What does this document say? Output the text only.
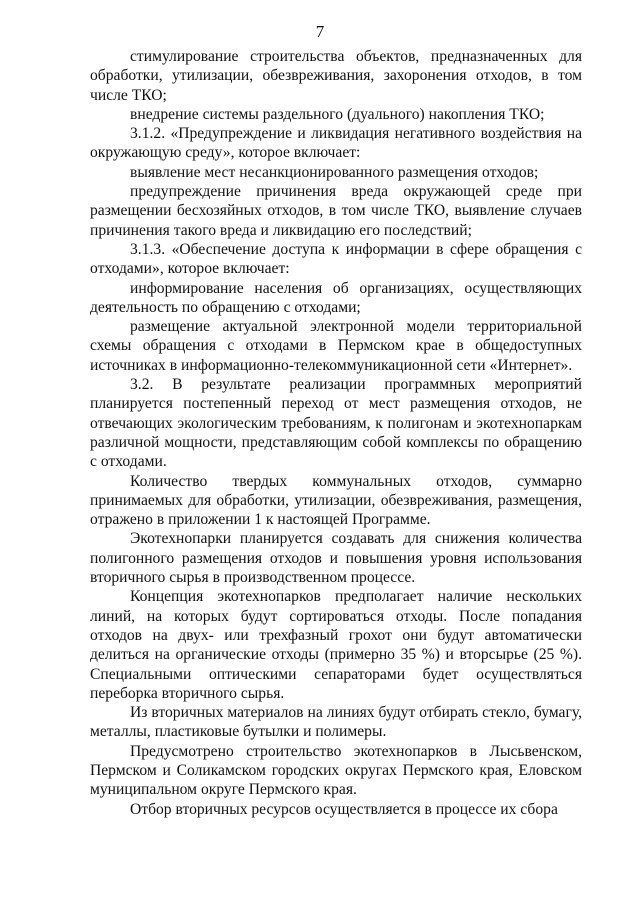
7

стимулирование строительства объектов, предназначенных для обработки, утилизации, обезвреживания, захоронения отходов, в том числе ТКО;

внедрение системы раздельного (дуального) накопления ТКО;

3.1.2. «Предупреждение и ликвидация негативного воздействия на окружающую среду», которое включает:

выявление мест несанкционированного размещения отходов;

предупреждение причинения вреда окружающей среде при размещении бесхозяйных отходов, в том числе ТКО, выявление случаев причинения такого вреда и ликвидацию его последствий;

3.1.3. «Обеспечение доступа к информации в сфере обращения с отходами», которое включает:

информирование населения об организациях, осуществляющих деятельность по обращению с отходами;

размещение актуальной электронной модели территориальной схемы обращения с отходами в Пермском крае в общедоступных источниках в информационно-телекоммуникационной сети «Интернет».

3.2. В результате реализации программных мероприятий планируется постепенный переход от мест размещения отходов, не отвечающих экологическим требованиям, к полигонам и экотехнопаркам различной мощности, представляющим собой комплексы по обращению с отходами.

Количество твердых коммунальных отходов, суммарно принимаемых для обработки, утилизации, обезвреживания, размещения, отражено в приложении 1 к настоящей Программе.

Экотехнопарки планируется создавать для снижения количества полигонного размещения отходов и повышения уровня использования вторичного сырья в производственном процессе.

Концепция экотехнопарков предполагает наличие нескольких линий, на которых будут сортироваться отходы. После попадания отходов на двух- или трехфазный грохот они будут автоматически делиться на органические отходы (примерно 35 %) и вторсырье (25 %). Специальными оптическими сепараторами будет осуществляться переборка вторичного сырья.

Из вторичных материалов на линиях будут отбирать стекло, бумагу, металлы, пластиковые бутылки и полимеры.

Предусмотрено строительство экотехнопарков в Лысьвенском, Пермском и Соликамском городских округах Пермского края, Еловском муниципальном округе Пермского края.

Отбор вторичных ресурсов осуществляется в процессе их сбора
